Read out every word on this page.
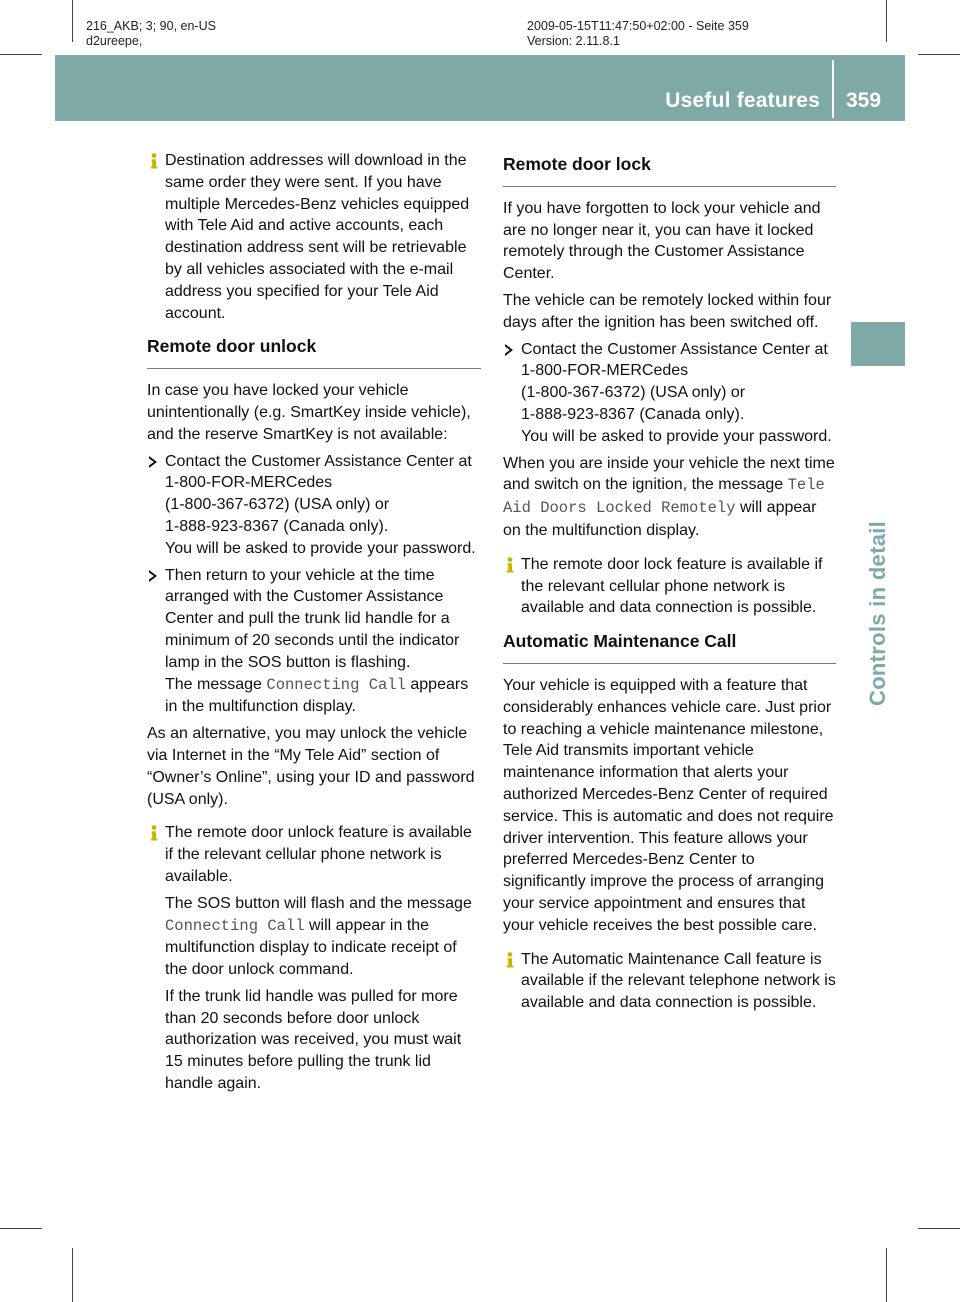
216_AKB; 3; 90, en-US
d2ureepe,
2009-05-15T11:47:50+02:00 - Seite 359
Version: 2.11.8.1
Useful features 359
Controls in detail

Destination addresses will download in the same order they were sent. If you have multiple Mercedes-Benz vehicles equipped with Tele Aid and active accounts, each destination address sent will be retrievable by all vehicles associated with the e-mail address you specified for your Tele Aid account.

Remote door unlock

In case you have locked your vehicle unintentionally (e.g. SmartKey inside vehicle), and the reserve SmartKey is not available:

Contact the Customer Assistance Center at 1-800-FOR-MERCedes
(1-800-367-6372) (USA only) or
1-888-923-8367 (Canada only).
You will be asked to provide your password.
Then return to your vehicle at the time arranged with the Customer Assistance Center and pull the trunk lid handle for a minimum of 20 seconds until the indicator lamp in the SOS button is flashing.
The message Connecting Call appears in the multifunction display.

As an alternative, you may unlock the vehicle via Internet in the “My Tele Aid” section of “Owner’s Online”, using your ID and password (USA only).

The remote door unlock feature is available if the relevant cellular phone network is available.

The SOS button will flash and the message Connecting Call will appear in the multifunction display to indicate receipt of the door unlock command.

If the trunk lid handle was pulled for more than 20 seconds before door unlock authorization was received, you must wait 15 minutes before pulling the trunk lid handle again.

Remote door lock

If you have forgotten to lock your vehicle and are no longer near it, you can have it locked remotely through the Customer Assistance Center.

The vehicle can be remotely locked within four days after the ignition has been switched off.

Contact the Customer Assistance Center at 1-800-FOR-MERCedes
(1-800-367-6372) (USA only) or
1-888-923-8367 (Canada only).
You will be asked to provide your password.

When you are inside your vehicle the next time and switch on the ignition, the message Tele Aid Doors Locked Remotely will appear on the multifunction display.

The remote door lock feature is available if the relevant cellular phone network is available and data connection is possible.

Automatic Maintenance Call

Your vehicle is equipped with a feature that considerably enhances vehicle care. Just prior to reaching a vehicle maintenance milestone, Tele Aid transmits important vehicle maintenance information that alerts your authorized Mercedes-Benz Center of required service. This is automatic and does not require driver intervention. This feature allows your preferred Mercedes-Benz Center to significantly improve the process of arranging your service appointment and ensures that your vehicle receives the best possible care.

The Automatic Maintenance Call feature is available if the relevant telephone network is available and data connection is possible.
